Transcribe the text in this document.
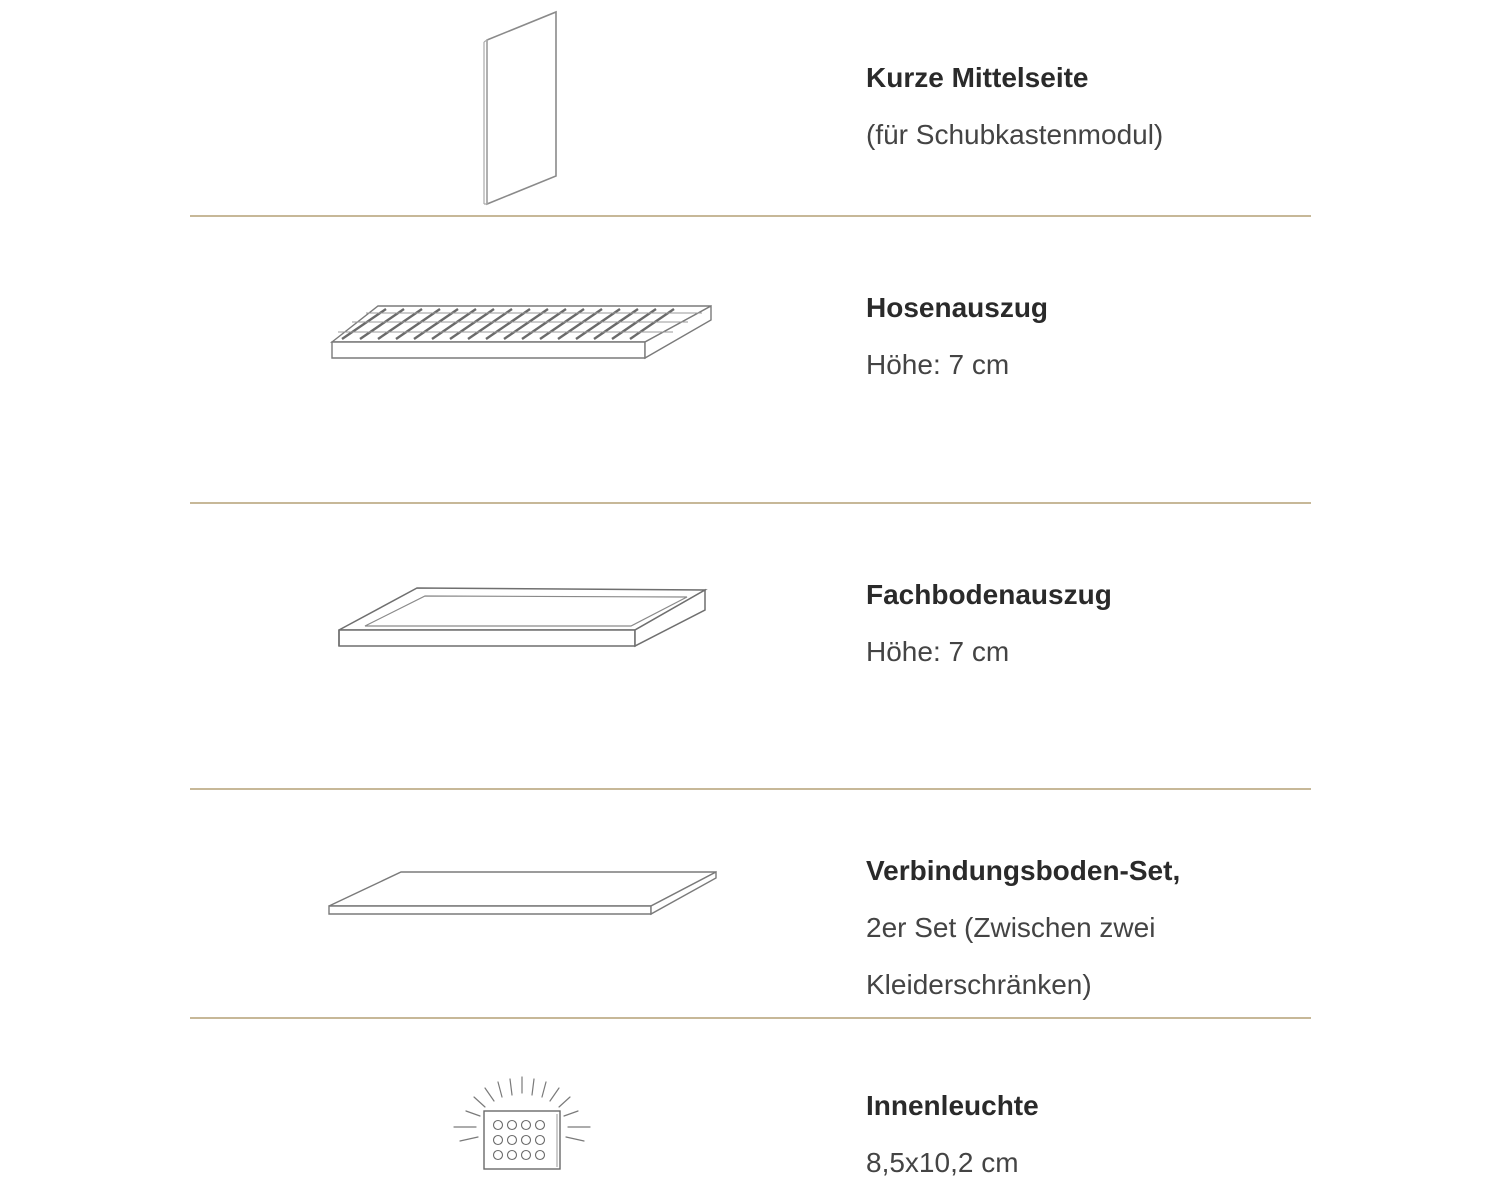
Kurze Mittelseite
(für Schubkastenmodul)
Hosenauszug
Höhe: 7 cm
Fachbodenauszug
Höhe: 7 cm
Verbindungsboden-Set,
2er Set (Zwischen zwei
Kleiderschränken)
Innenleuchte
8,5x10,2 cm
